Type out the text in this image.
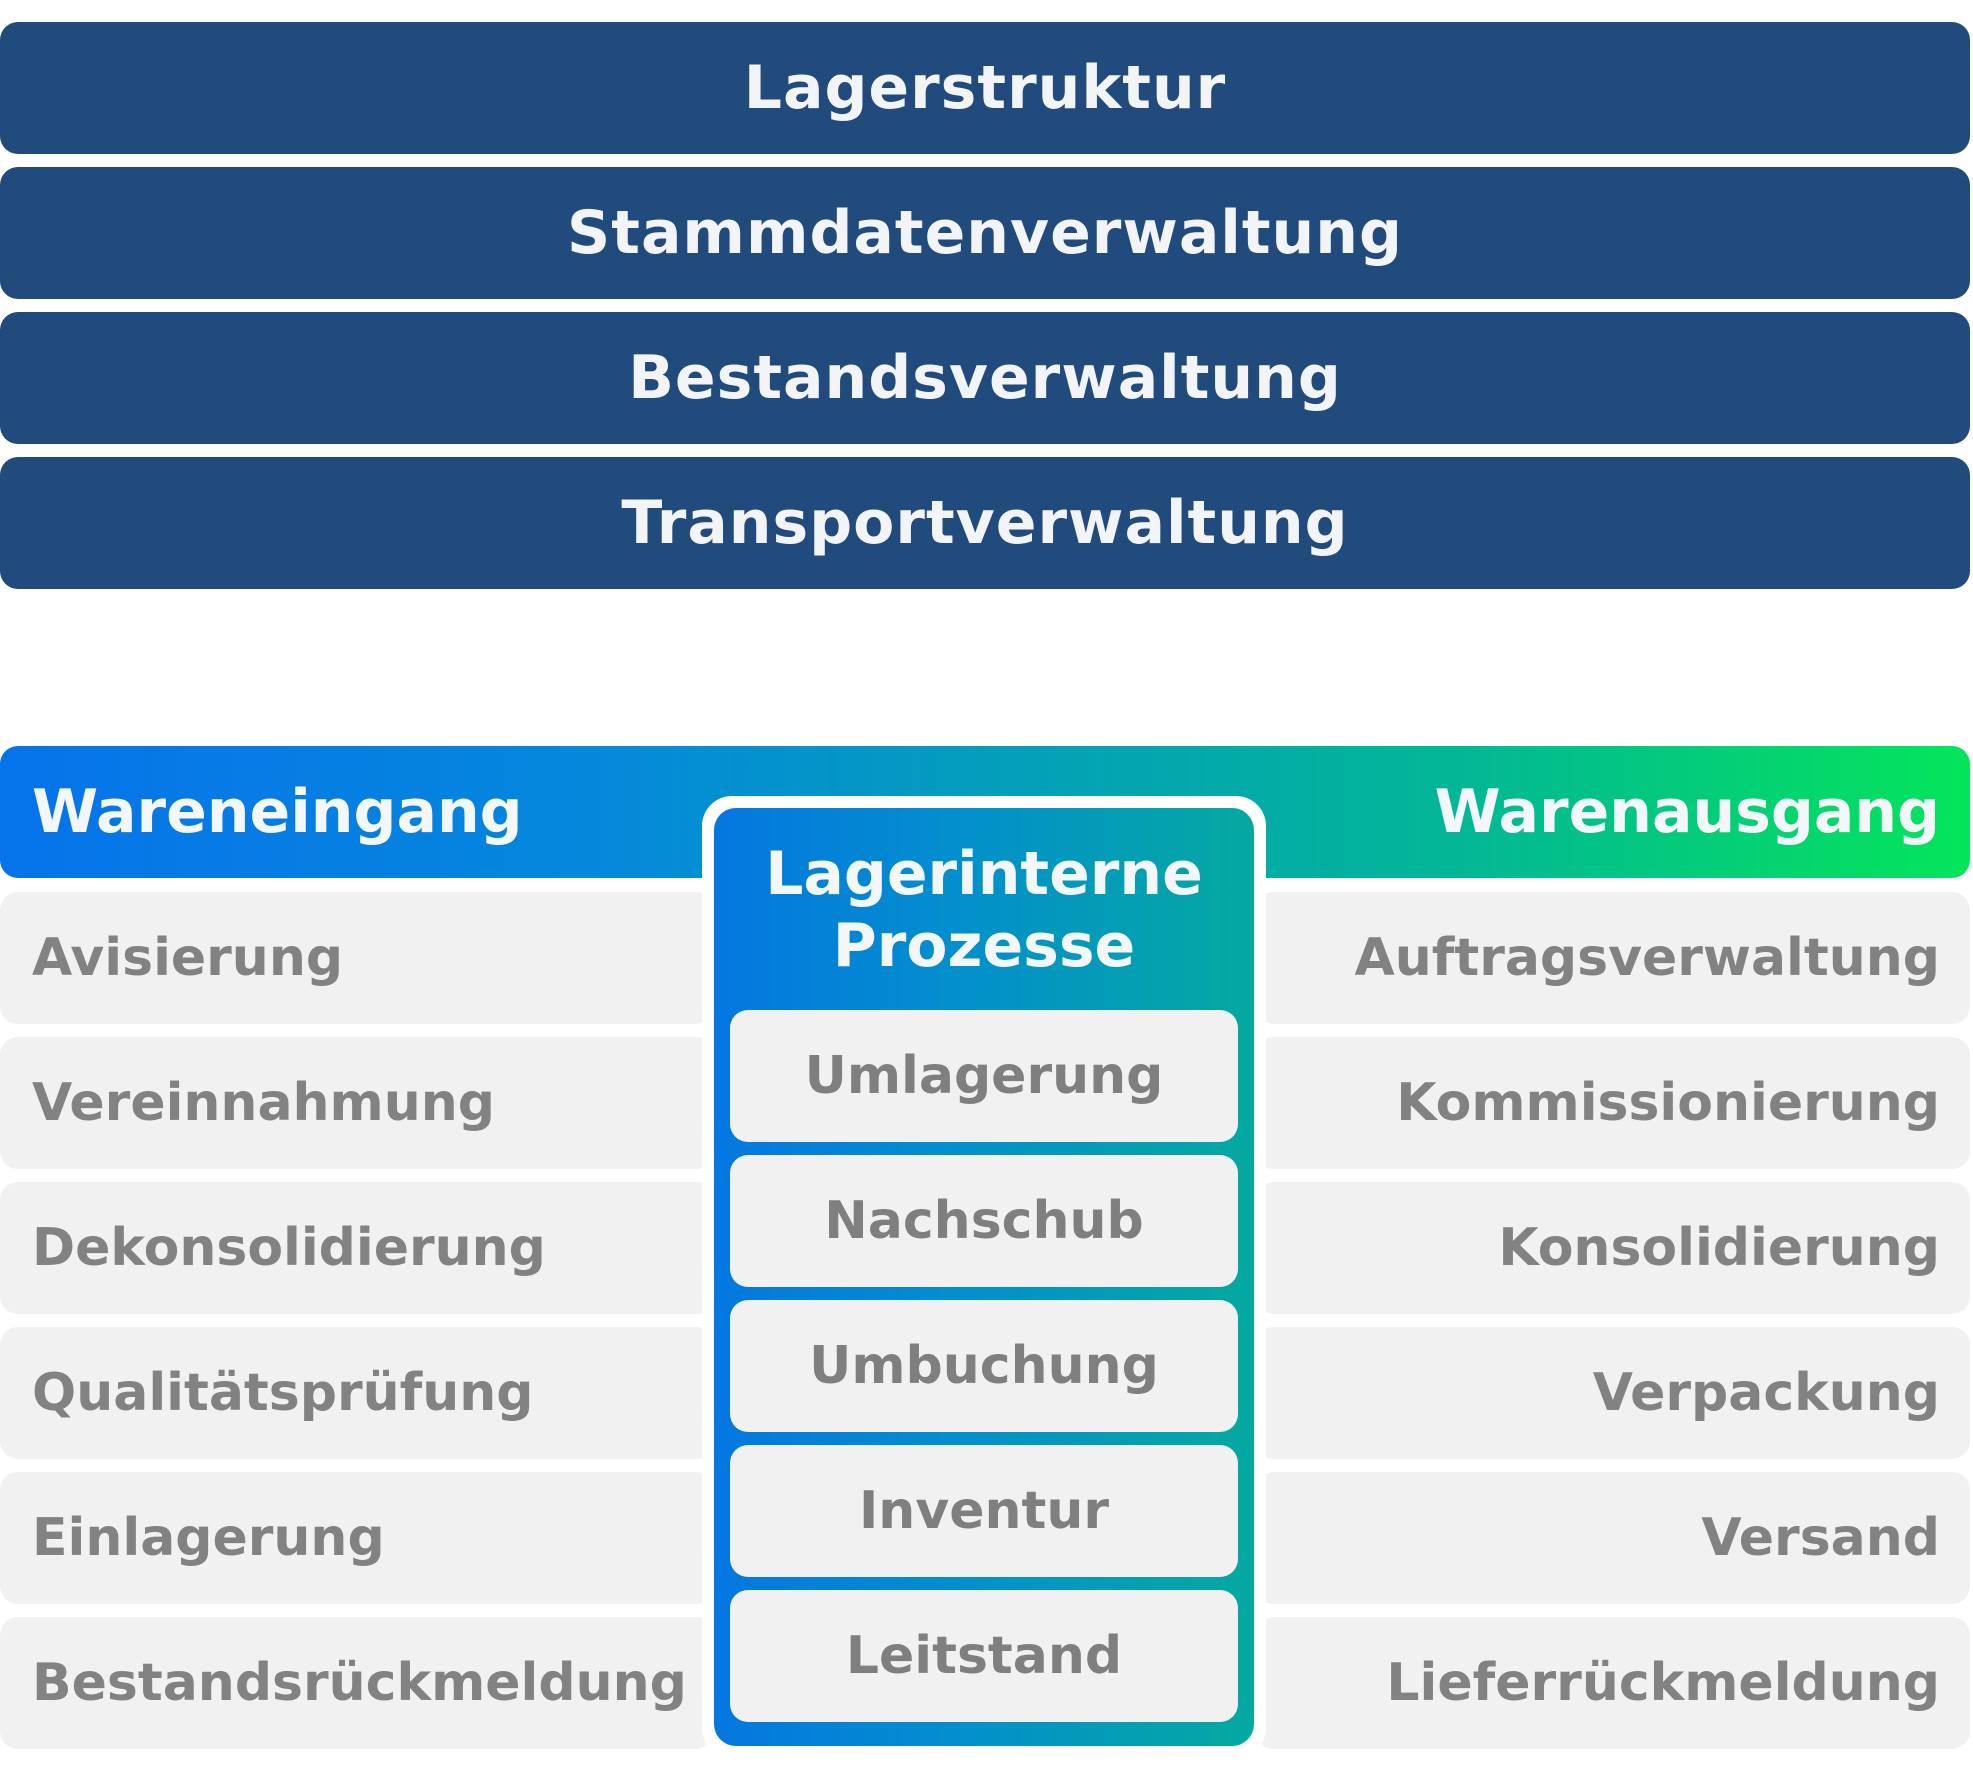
Lagerstruktur
Stammdatenverwaltung
Bestandsverwaltung
Transportverwaltung
Wareneingang	Warenausgang
Avisierung
Vereinnahmung
Dekonsolidierung
Qualitätsprüfung
Einlagerung
Bestandsrückmeldung
Auftragsverwaltung
Kommissionierung
Konsolidierung
Verpackung
Versand
Lieferrückmeldung
Lagerinterne
Prozesse
Umlagerung
Nachschub
Umbuchung
Inventur
Leitstand
